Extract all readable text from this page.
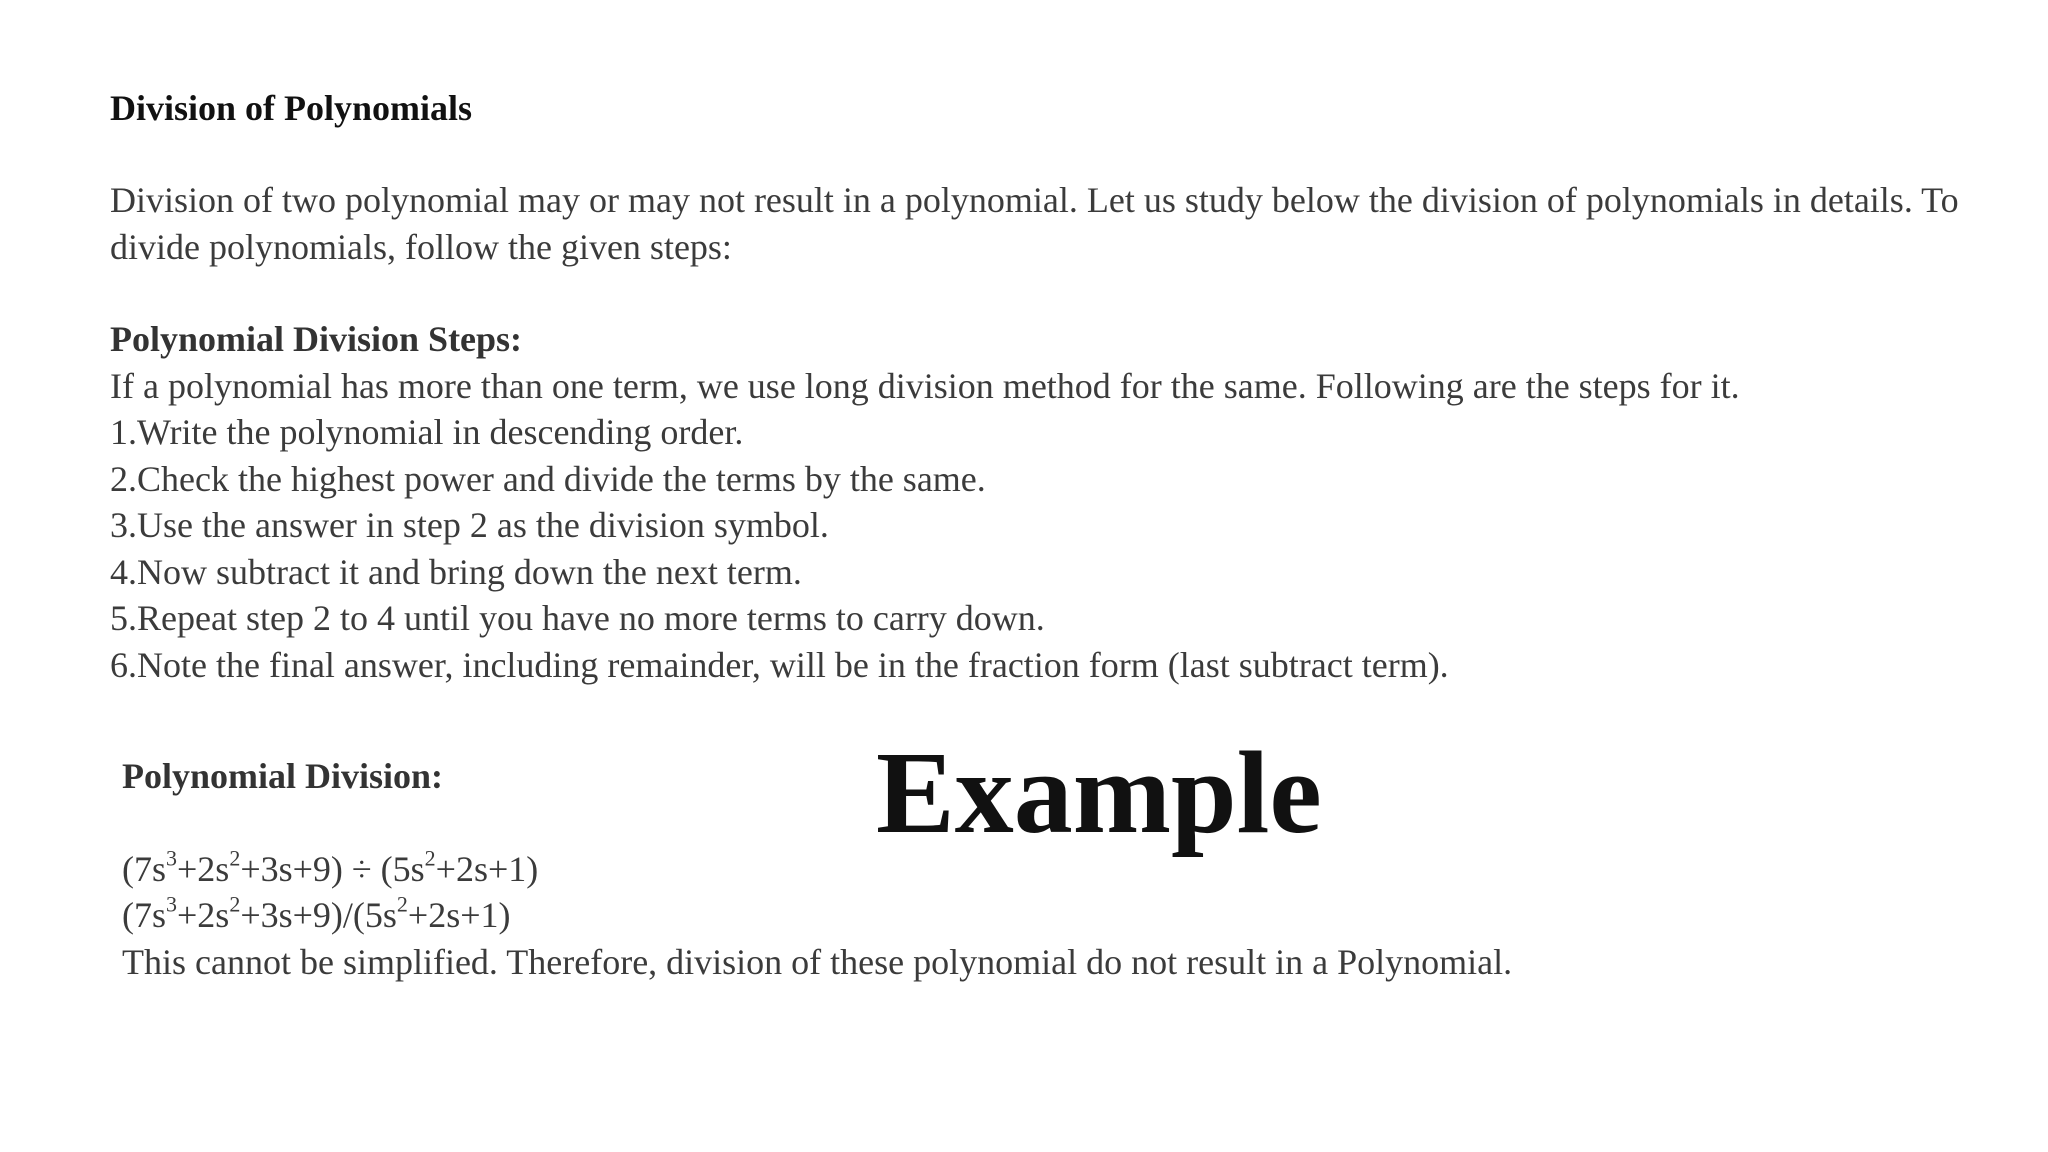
Division of Polynomials
Division of two polynomial may or may not result in a polynomial. Let us study below the division of polynomials in details. To divide polynomials, follow the given steps:
Polynomial Division Steps:
If a polynomial has more than one term, we use long division method for the same. Following are the steps for it.
1.Write the polynomial in descending order.
2.Check the highest power and divide the terms by the same.
3.Use the answer in step 2 as the division symbol.
4.Now subtract it and bring down the next term.
5.Repeat step 2 to 4 until you have no more terms to carry down.
6.Note the final answer, including remainder, will be in the fraction form (last subtract term).
Polynomial Division:
$(7s^3+2s^2+3s+9) \div (5s^2+2s+1)$
$(7s^3+2s^2+3s+9)/(5s^2+2s+1)$
This cannot be simplified. Therefore, division of these polynomial do not result in a Polynomial.
Example
